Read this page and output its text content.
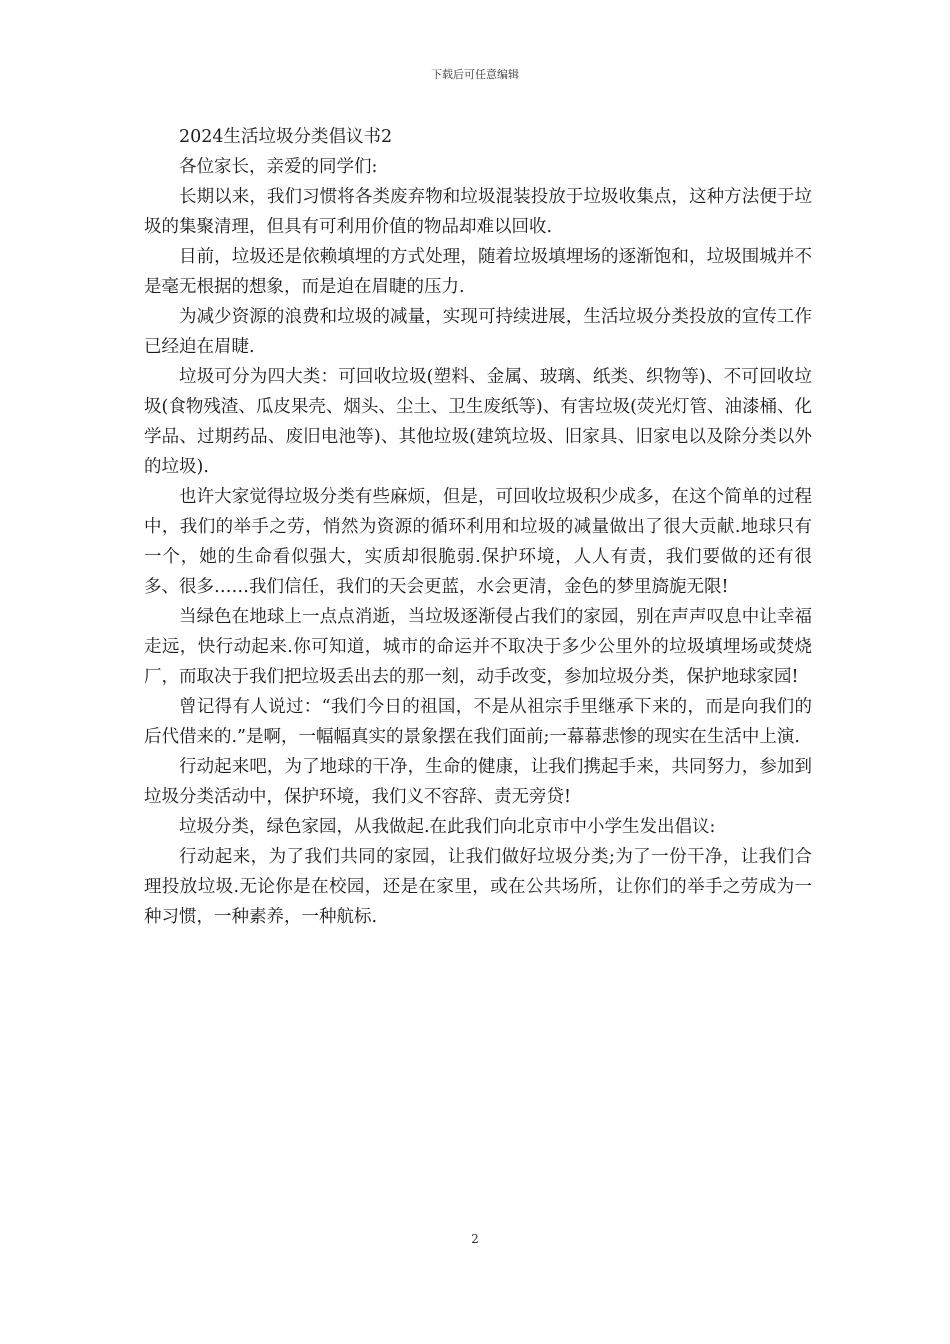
下载后可任意编辑

2024生活垃圾分类倡议书2

各位家长，亲爱的同学们:

长期以来，我们习惯将各类废弃物和垃圾混装投放于垃圾收集点，这种方法便于垃圾的集聚清理，但具有可利用价值的物品却难以回收.

目前，垃圾还是依赖填埋的方式处理，随着垃圾填埋场的逐渐饱和，垃圾围城并不是毫无根据的想象，而是迫在眉睫的压力.

为减少资源的浪费和垃圾的减量，实现可持续进展，生活垃圾分类投放的宣传工作已经迫在眉睫.

垃圾可分为四大类：可回收垃圾(塑料、金属、玻璃、纸类、织物等)、不可回收垃圾(食物残渣、瓜皮果壳、烟头、尘土、卫生废纸等)、有害垃圾(荧光灯管、油漆桶、化学品、过期药品、废旧电池等)、其他垃圾(建筑垃圾、旧家具、旧家电以及除分类以外的垃圾).

也许大家觉得垃圾分类有些麻烦，但是，可回收垃圾积少成多，在这个简单的过程中，我们的举手之劳，悄然为资源的循环利用和垃圾的减量做出了很大贡献.地球只有一个，她的生命看似强大，实质却很脆弱.保护环境，人人有责，我们要做的还有很多、很多……我们信任，我们的天会更蓝，水会更清，金色的梦里旖旎无限!

当绿色在地球上一点点消逝，当垃圾逐渐侵占我们的家园，别在声声叹息中让幸福走远，快行动起来.你可知道，城市的命运并不取决于多少公里外的垃圾填埋场或焚烧厂，而取决于我们把垃圾丢出去的那一刻，动手改变，参加垃圾分类，保护地球家园!

曾记得有人说过：“我们今日的祖国，不是从祖宗手里继承下来的，而是向我们的后代借来的.”是啊，一幅幅真实的景象摆在我们面前;一幕幕悲惨的现实在生活中上演.

行动起来吧，为了地球的干净，生命的健康，让我们携起手来，共同努力，参加到垃圾分类活动中，保护环境，我们义不容辞、责无旁贷!

垃圾分类，绿色家园，从我做起.在此我们向北京市中小学生发出倡议:

行动起来，为了我们共同的家园，让我们做好垃圾分类;为了一份干净，让我们合理投放垃圾.无论你是在校园，还是在家里，或在公共场所，让你们的举手之劳成为一种习惯，一种素养，一种航标.

2
